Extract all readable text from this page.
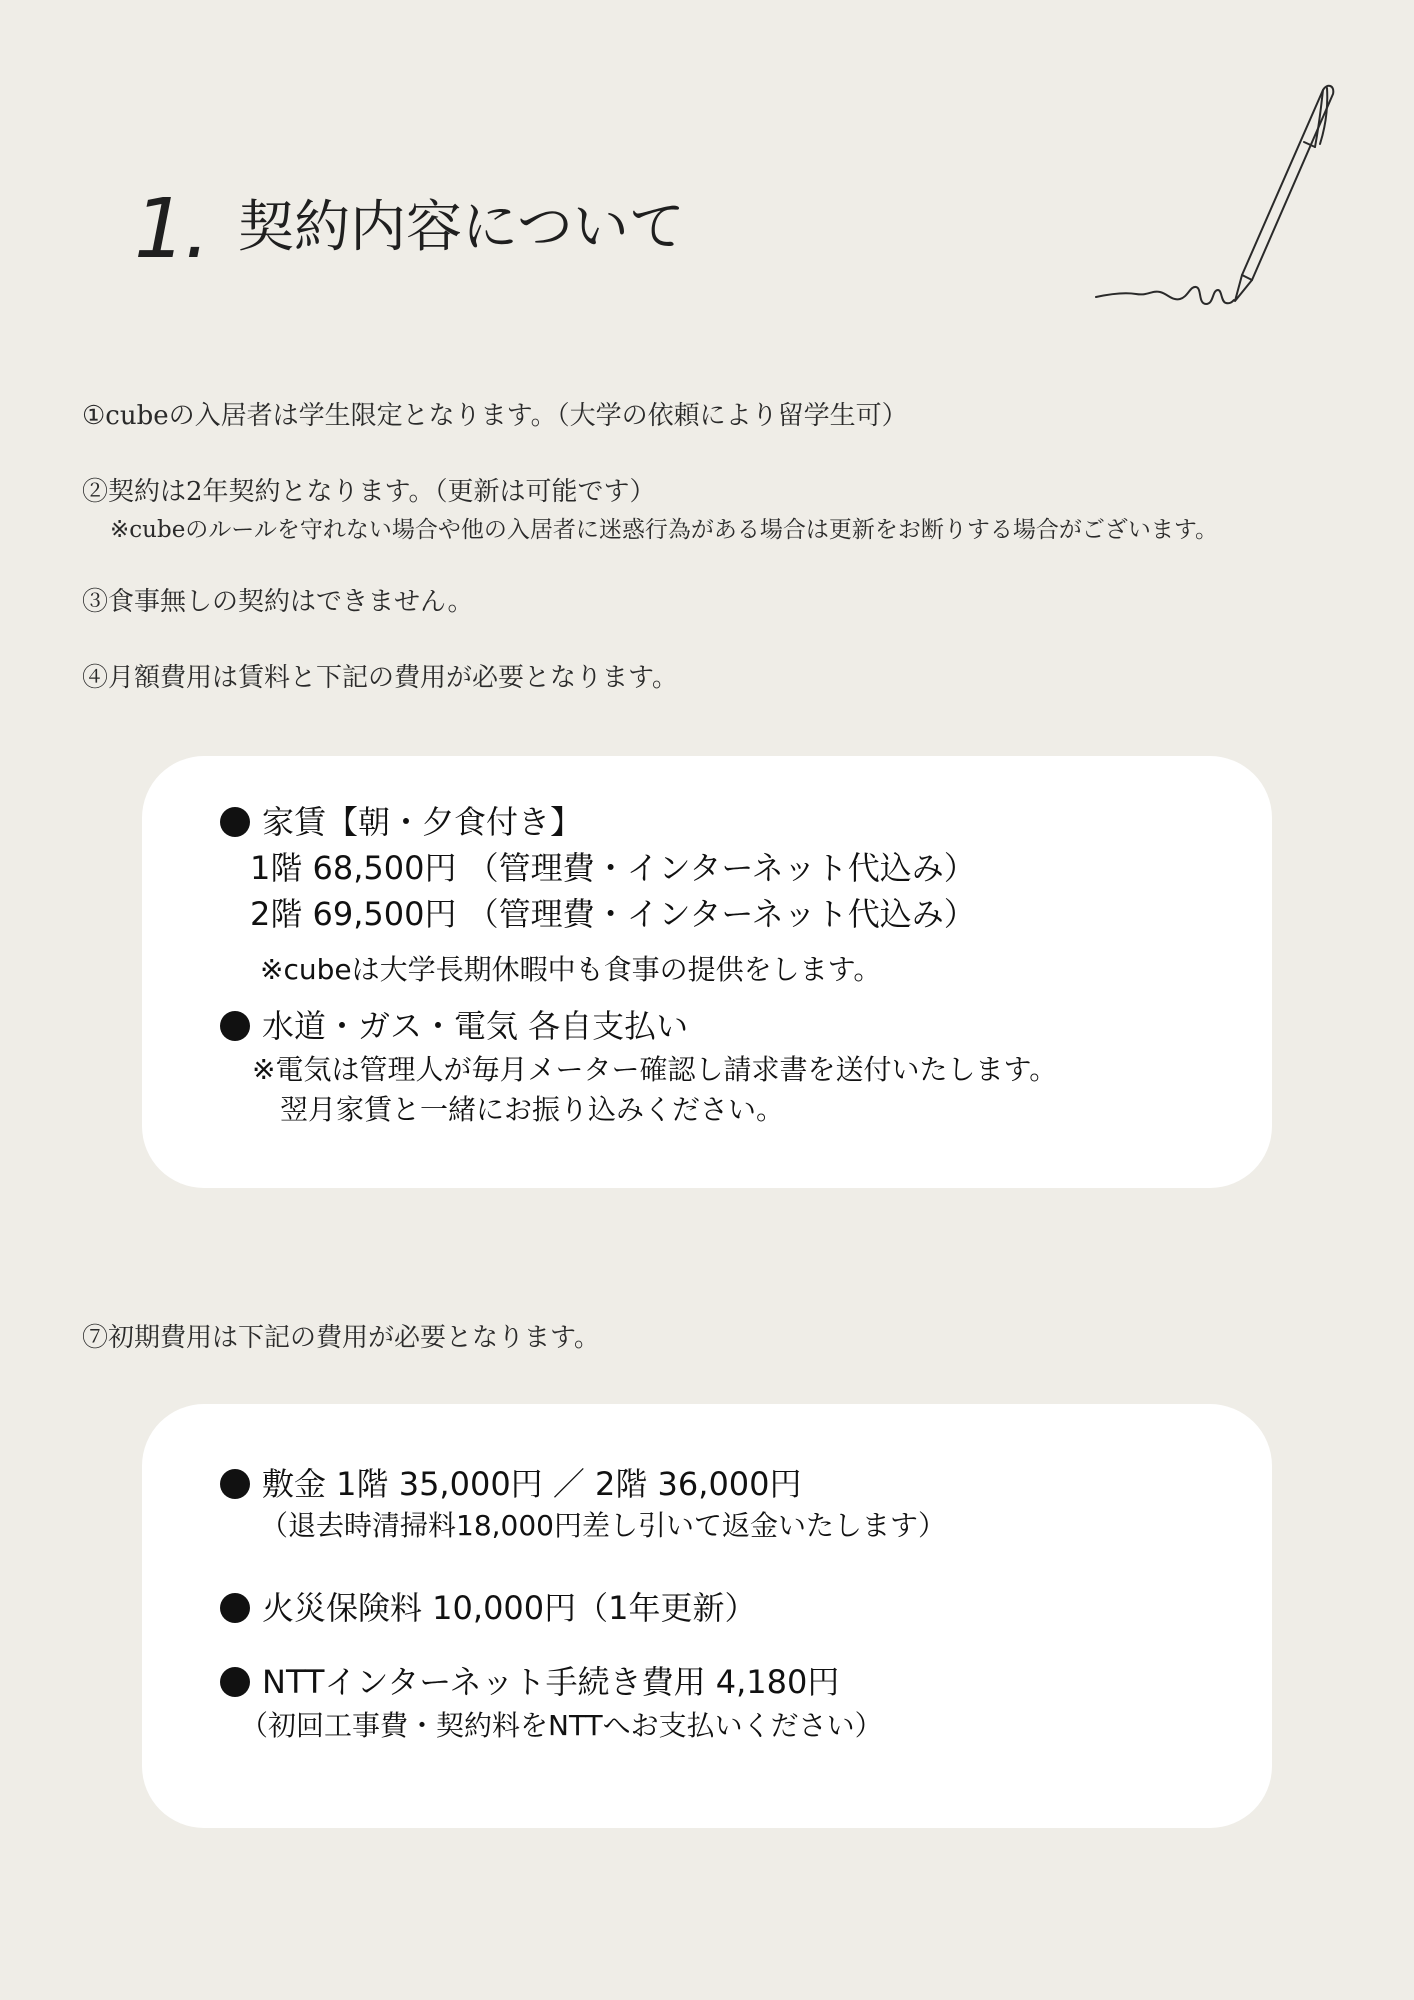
1. 契約内容について
①cubeの入居者は学生限定となります。（大学の依頼により留学生可）
②契約は2年契約となります。（更新は可能です）
※cubeのルールを守れない場合や他の入居者に迷惑行為がある場合は更新をお断りする場合がございます。
③食事無しの契約はできません。
④月額費用は賃料と下記の費用が必要となります。
家賃【朝・夕食付き】
1階 68,500円 （管理費・インターネット代込み）
2階 69,500円 （管理費・インターネット代込み）
※cubeは大学長期休暇中も食事の提供をします。
水道・ガス・電気 各自支払い
※電気は管理人が毎月メーター確認し請求書を送付いたします。
翌月家賃と一緒にお振り込みください。
⑦初期費用は下記の費用が必要となります。
敷金 1階 35,000円 ／ 2階 36,000円
（退去時清掃料18,000円差し引いて返金いたします）
火災保険料 10,000円（1年更新）
NTTインターネット手続き費用 4,180円
（初回工事費・契約料をNTTへお支払いください）
